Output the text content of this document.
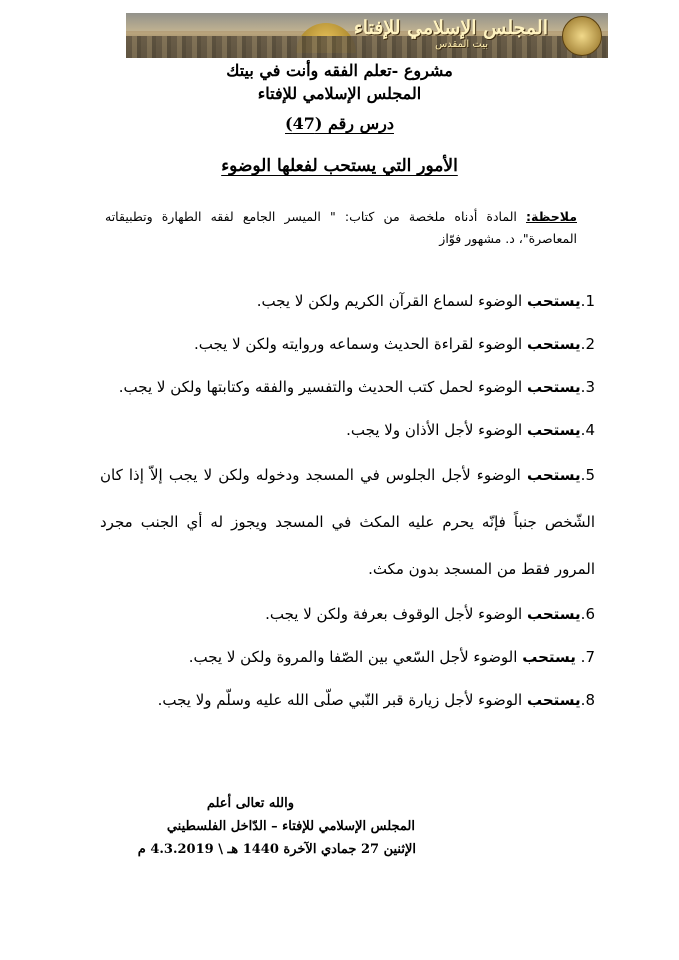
المجلس الإسلامي للإفتاء
بيت المقدس
مشروع -تعلم الفقه وأنت في بيتك
المجلس الإسلامي للإفتاء
درس رقم (47)
الأمور التي يستحب لفعلها الوضوء
ملاحظة: المادة أدناه ملخصة من كتاب: " الميسر الجامع لفقه الطهارة وتطبيقاته المعاصرة"، د. مشهور فوّاز
1.يستحب الوضوء لسماع القرآن الكريم ولكن لا يجب.
2.يستحب الوضوء لقراءة الحديث وسماعه وروايته ولكن لا يجب.
3.يستحب الوضوء لحمل كتب الحديث والتفسير والفقه وكتابتها ولكن لا يجب.
4.يستحب الوضوء لأجل الأذان ولا يجب.
5.يستحب الوضوء لأجل الجلوس في المسجد ودخوله ولكن لا يجب إلاّ إذا كان الشّخص جنباً فإنّه يحرم عليه المكث في المسجد ويجوز له أي الجنب مجرد المرور فقط من المسجد بدون مكث.
6.يستحب الوضوء لأجل الوقوف بعرفة ولكن لا يجب.
7. يستحب الوضوء لأجل السّعي بين الصّفا والمروة ولكن لا يجب.
8.يستحب الوضوء لأجل زيارة قبر النّبي صلّى الله عليه وسلّم ولا يجب.
والله تعالى أعلم
المجلس الإسلامي للإفتاء – الدّاخل الفلسطيني
الإثنين 27 جمادي الآخرة 1440 هـ \ 4.3.2019 م
